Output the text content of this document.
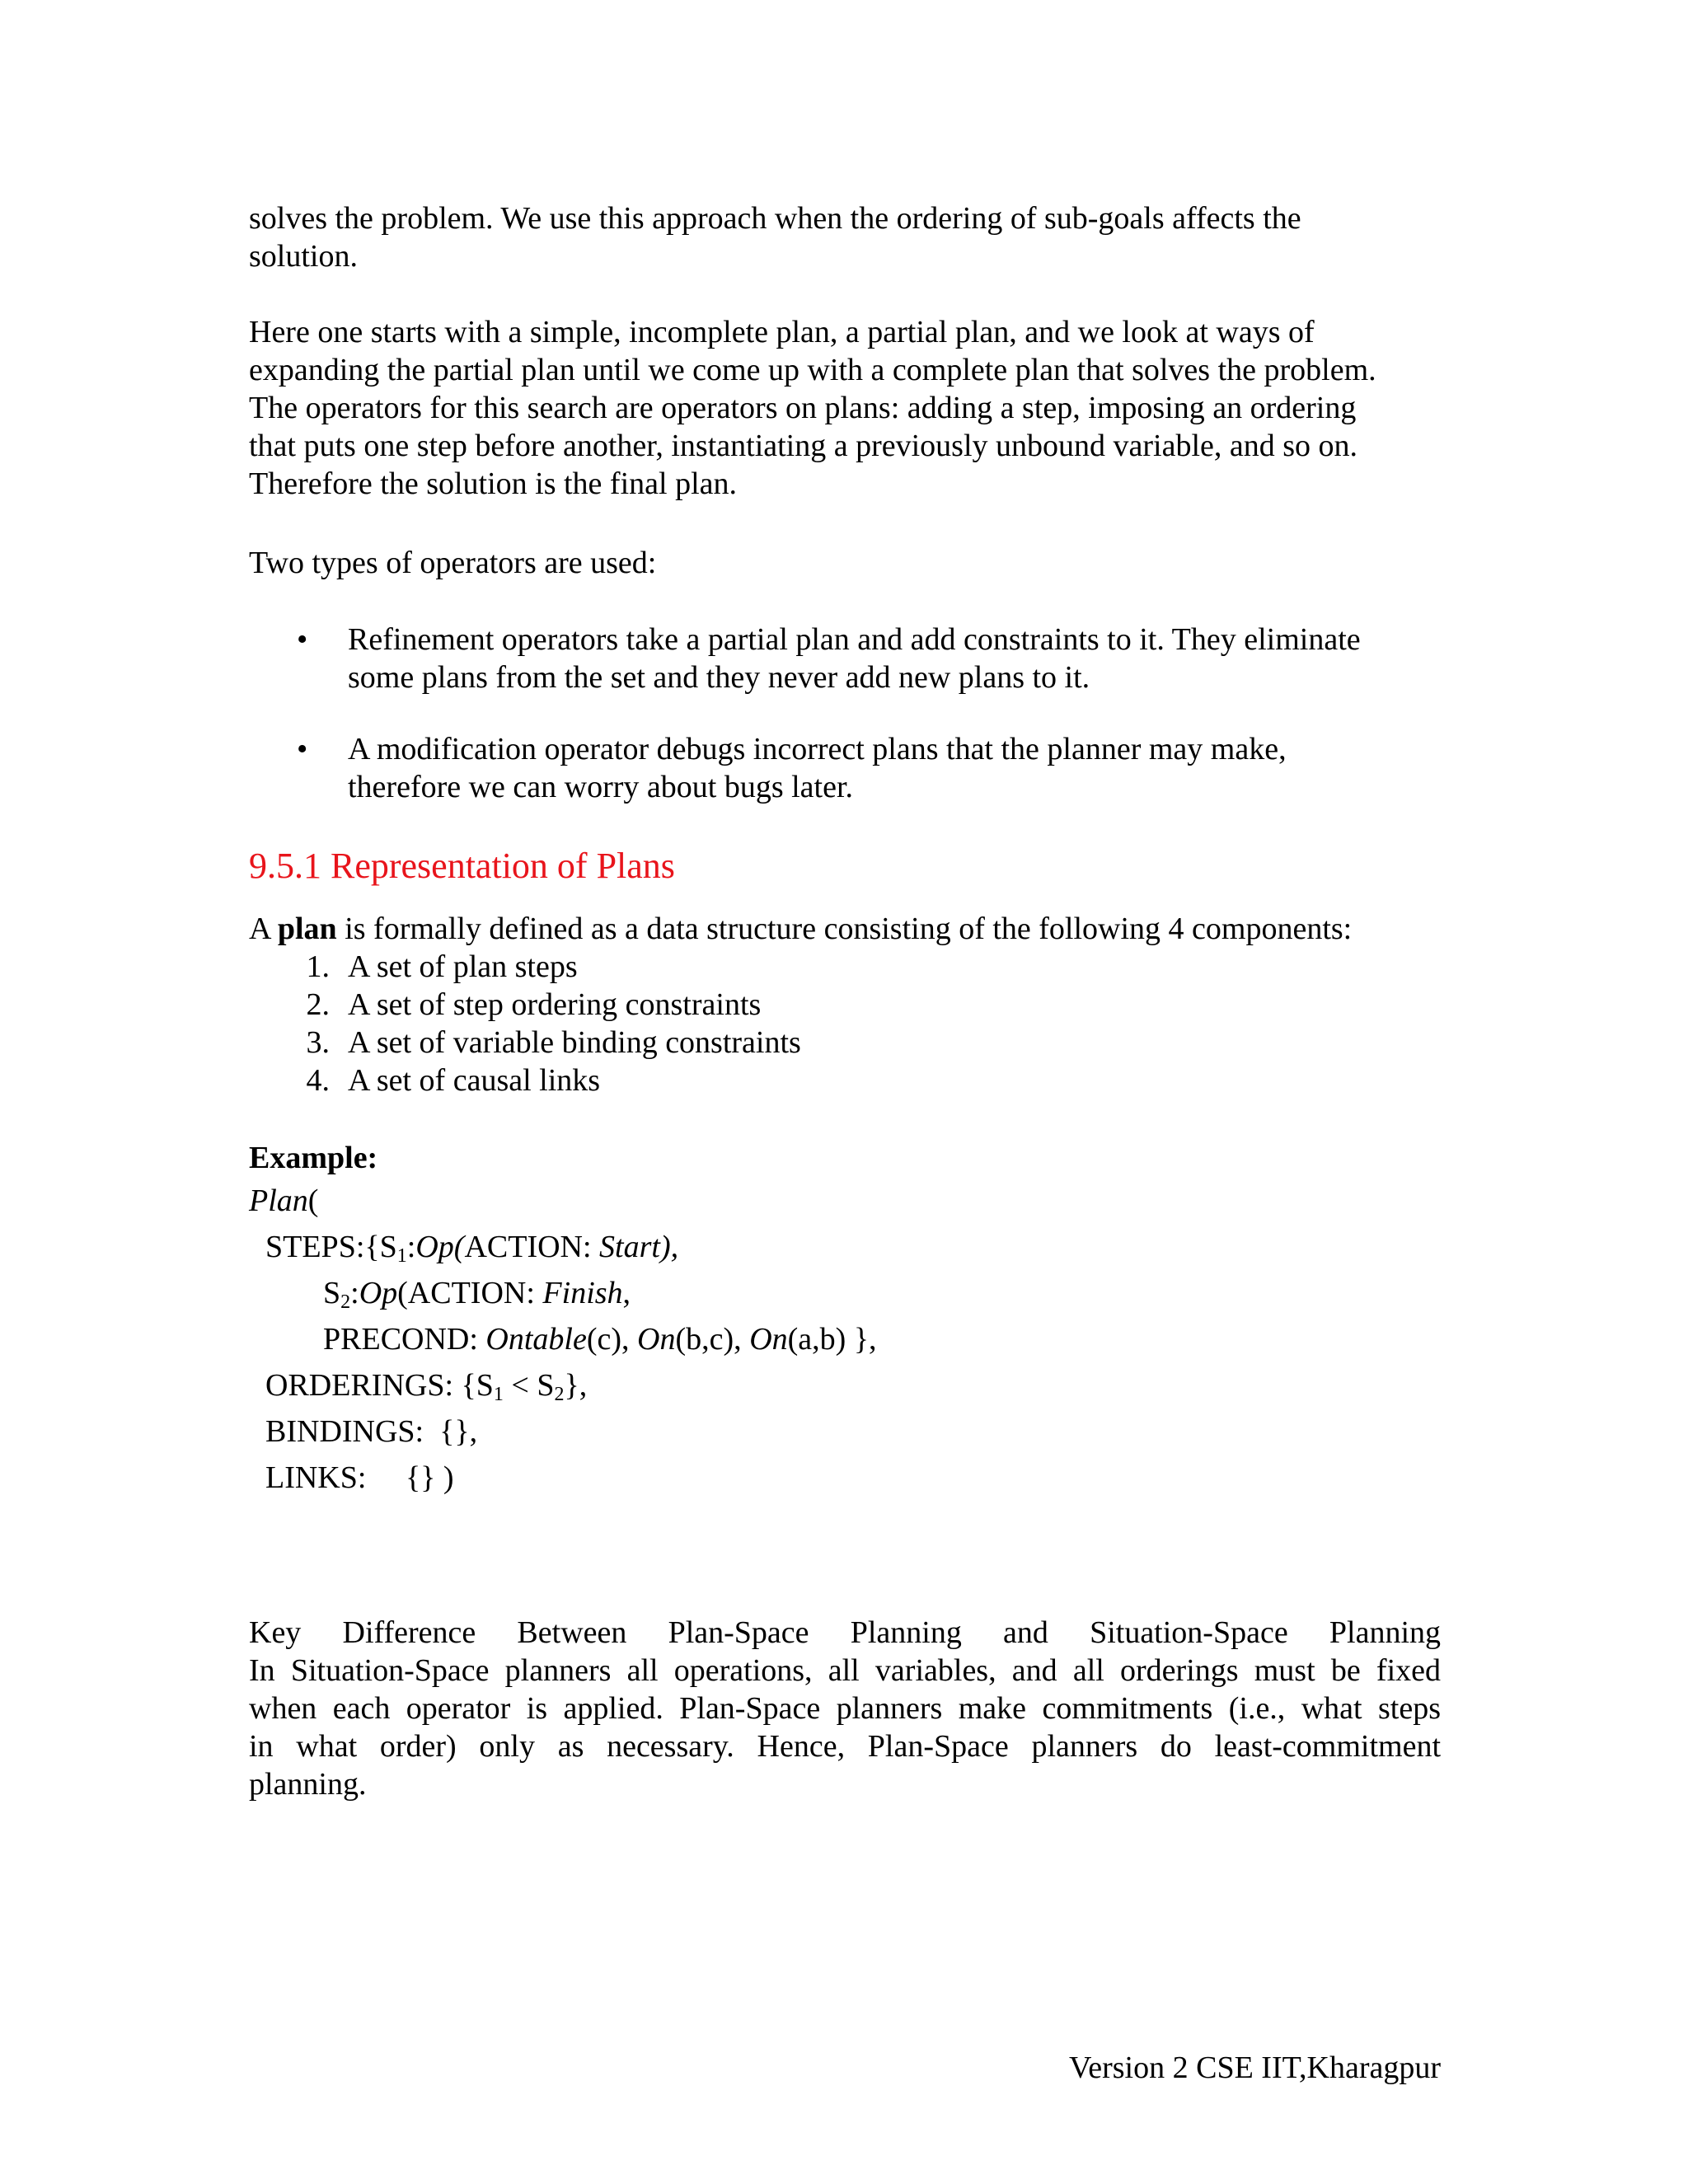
solves the problem. We use this approach when the ordering of sub-goals affects the
solution.
Here one starts with a simple, incomplete plan, a partial plan, and we look at ways of
expanding the partial plan until we come up with a complete plan that solves the problem.
The operators for this search are operators on plans: adding a step, imposing an ordering
that puts one step before another, instantiating a previously unbound variable, and so on.
Therefore the solution is the final plan.
Two types of operators are used:
• Refinement operators take a partial plan and add constraints to it. They eliminate
some plans from the set and they never add new plans to it.
• A modification operator debugs incorrect plans that the planner may make,
therefore we can worry about bugs later.
9.5.1 Representation of Plans
A plan is formally defined as a data structure consisting of the following 4 components:
1. A set of plan steps
2. A set of step ordering constraints
3. A set of variable binding constraints
4. A set of causal links
Example:
Plan(
$STEPS:\{S_1:Op(ACTION$: Start),
$S_2:Op(ACTION$: Finish,
PRECOND: Ontable(c), On(b,c), On(a,b) },
ORDERINGS: $\{S_1 < S_2\}$,
BINDINGS:  {},
LINKS:     {} )
Key Difference Between Plan-Space Planning and Situation-Space Planning
In Situation-Space planners all operations, all variables, and all orderings must be fixed
when each operator is applied. Plan-Space planners make commitments (i.e., what steps
in what order) only as necessary. Hence, Plan-Space planners do least-commitment
planning.
Version 2 CSE IIT,Kharagpur
